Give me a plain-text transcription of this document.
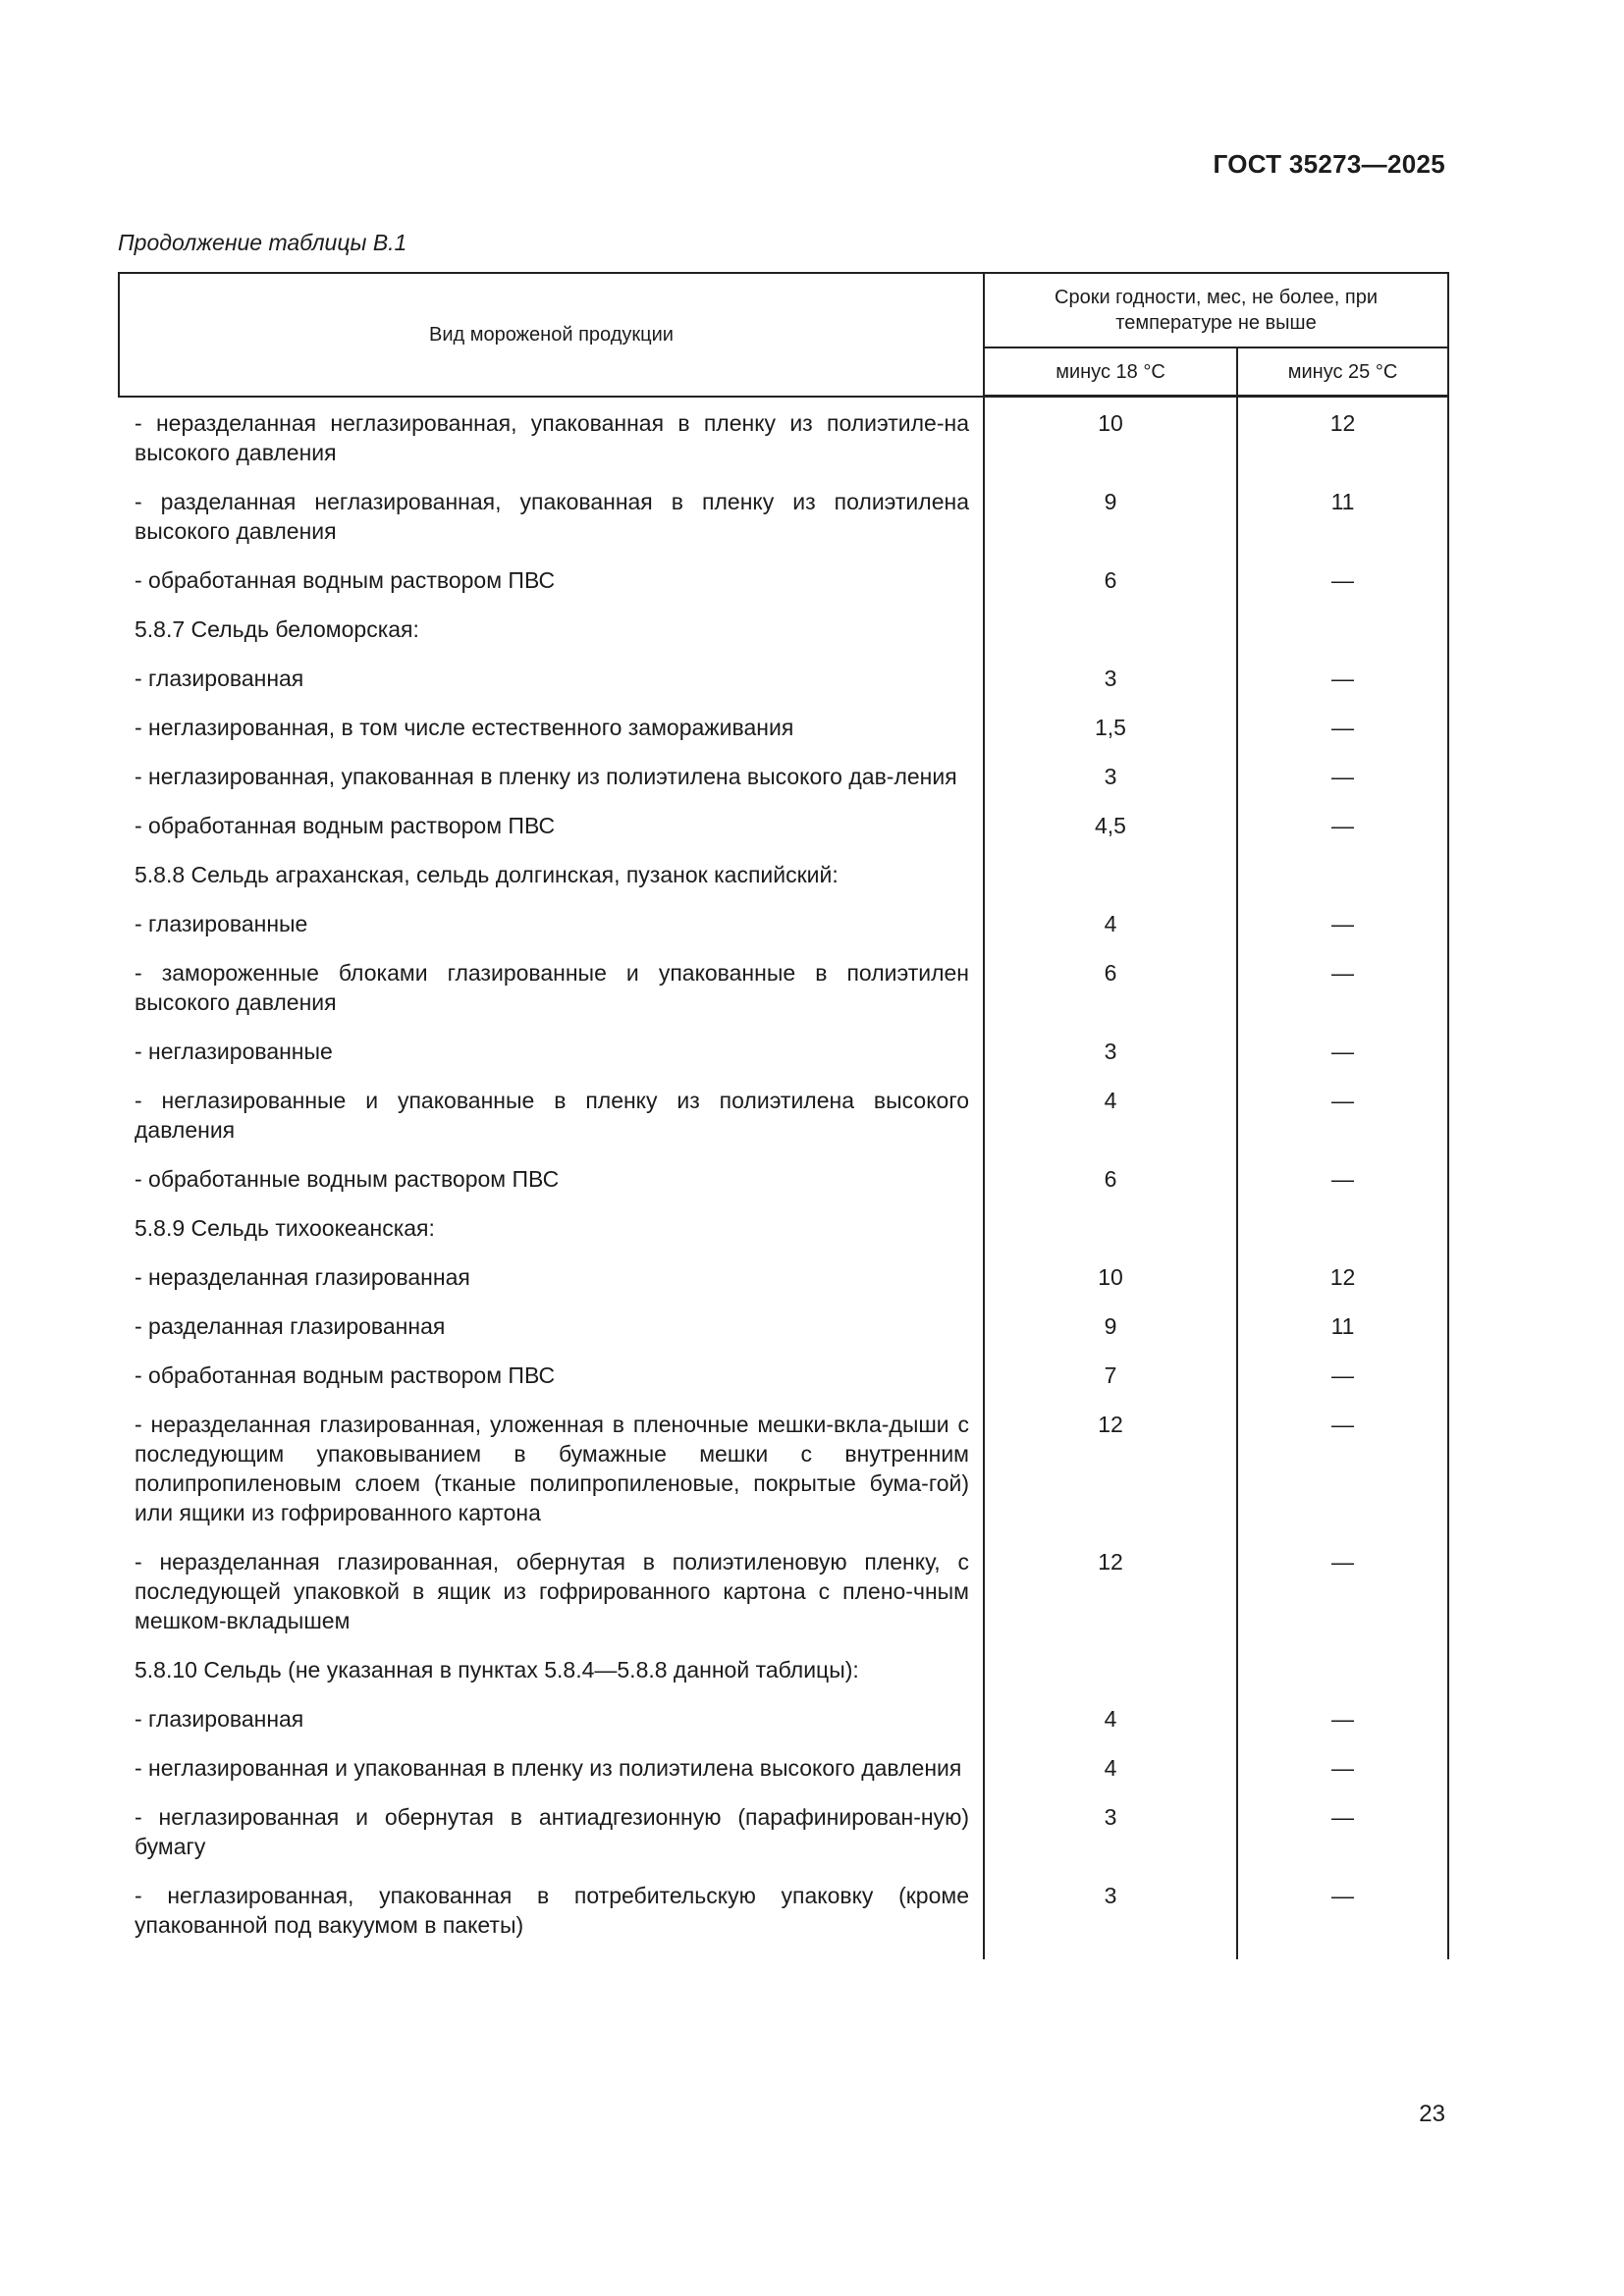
ГОСТ 35273—2025
Продолжение таблицы В.1
Вид мороженой продукции	Сроки годности, мес, не более, при температуре не выше	
	минус 18 °С	минус 25 °С
- неразделанная неглазированная, упакованная в пленку из полиэтиле-на высокого давления	10	12
- разделанная неглазированная, упакованная в пленку из полиэтилена высокого давления	9	11
- обработанная водным раствором ПВС	6	—
5.8.7 Сельдь беломорская:		
- глазированная	3	—
- неглазированная, в том числе естественного замораживания	1,5	—
- неглазированная, упакованная в пленку из полиэтилена высокого дав-ления	3	—
- обработанная водным раствором ПВС	4,5	—
5.8.8 Сельдь аграханская, сельдь долгинская, пузанок каспийский:		
- глазированные	4	—
- замороженные блоками глазированные и упакованные в полиэтилен высокого давления	6	—
- неглазированные	3	—
- неглазированные и упакованные в пленку из полиэтилена высокого давления	4	—
- обработанные водным раствором ПВС	6	—
5.8.9 Сельдь тихоокеанская:		
- неразделанная глазированная	10	12
- разделанная глазированная	9	11
- обработанная водным раствором ПВС	7	—
- неразделанная глазированная, уложенная в пленочные мешки-вкла-дыши с последующим упаковыванием в бумажные мешки с внутренним полипропиленовым слоем (тканые полипропиленовые, покрытые бума-гой) или ящики из гофрированного картона	12	—
- неразделанная глазированная, обернутая в полиэтиленовую пленку, с последующей упаковкой в ящик из гофрированного картона с плено-чным мешком-вкладышем	12	—
5.8.10 Сельдь (не указанная в пунктах 5.8.4—5.8.8 данной таблицы):		
- глазированная	4	—
- неглазированная и упакованная в пленку из полиэтилена высокого давления	4	—
- неглазированная и обернутая в антиадгезионную (парафинирован-ную) бумагу	3	—
- неглазированная, упакованная в потребительскую упаковку (кроме упакованной под вакуумом в пакеты)	3	—
23
